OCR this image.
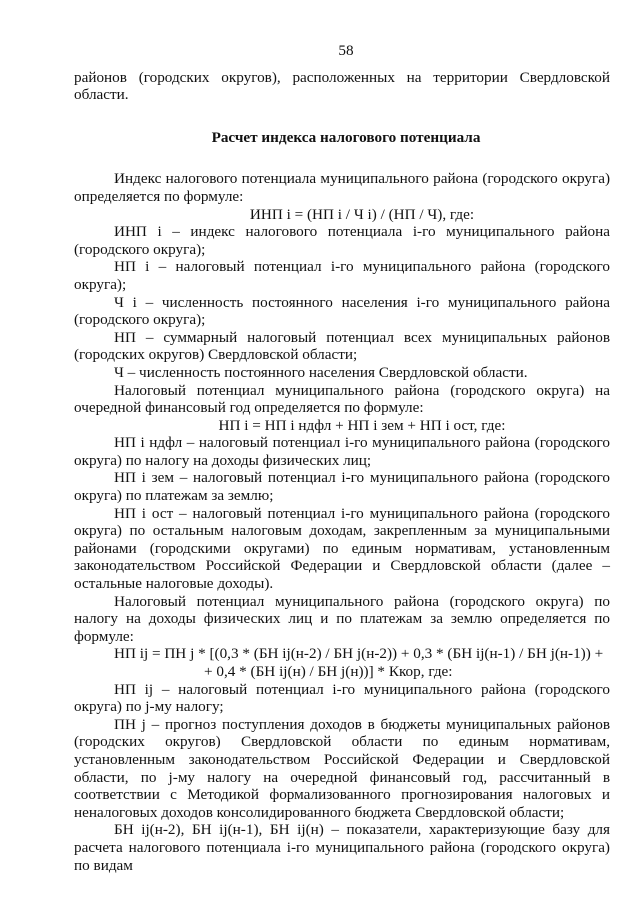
58

районов (городских округов), расположенных на территории Свердловской области.

Расчет индекса налогового потенциала

Индекс налогового потенциала муниципального района (городского округа) определяется по формуле:

ИНП i = (НП i / Ч i) / (НП / Ч), где:

ИНП i – индекс налогового потенциала i-го муниципального района (городского округа);

НП i – налоговый потенциал i-го муниципального района (городского округа);

Ч i – численность постоянного населения i-го муниципального района (городского округа);

НП – суммарный налоговый потенциал всех муниципальных районов (городских округов) Свердловской области;

Ч – численность постоянного населения Свердловской области.

Налоговый потенциал муниципального района (городского округа) на очередной финансовый год определяется по формуле:

НП i = НП i ндфл + НП i зем + НП i ост, где:

НП i ндфл – налоговый потенциал i-го муниципального района (городского округа) по налогу на доходы физических лиц;

НП i зем – налоговый потенциал i-го муниципального района (городского округа) по платежам за землю;

НП i ост – налоговый потенциал i-го муниципального района (городского округа) по остальным налоговым доходам, закрепленным за муниципальными районами (городскими округами) по единым нормативам, установленным законодательством Российской Федерации и Свердловской области (далее – остальные налоговые доходы).

Налоговый потенциал муниципального района (городского округа) по налогу на доходы физических лиц и по платежам за землю определяется по формуле:

НП ij = ПН j * [(0,3 * (БН ij(н-2) / БН j(н-2)) + 0,3 * (БН ij(н-1) / БН j(н-1)) +

+ 0,4 * (БН ij(н) / БН j(н))] * Ккор, где:

НП ij – налоговый потенциал i-го муниципального района (городского округа) по j-му налогу;

ПН j – прогноз поступления доходов в бюджеты муниципальных районов (городских округов) Свердловской области по единым нормативам, установленным законодательством Российской Федерации и Свердловской области, по j-му налогу на очередной финансовый год, рассчитанный в соответствии с Методикой формализованного прогнозирования налоговых и неналоговых доходов консолидированного бюджета Свердловской области;

БН ij(н-2), БН ij(н-1), БН ij(н) – показатели, характеризующие базу для расчета налогового потенциала i-го муниципального района (городского округа) по видам
